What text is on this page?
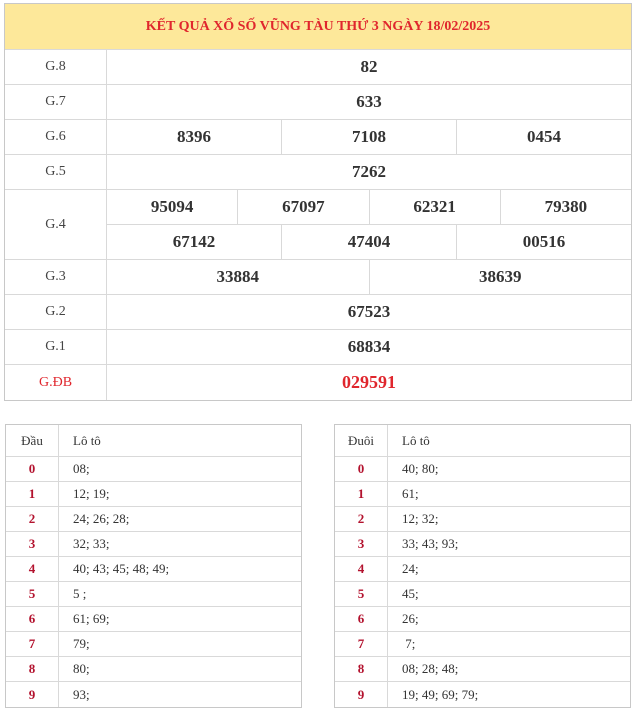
KẾT QUẢ XỔ SỐ VŨNG TÀU THỨ 3 NGÀY 18/02/2025
G.8	82
G.7	633
G.6	8396	7108	0454
G.5	7262
G.4
95094	67097	62321	79380
67142	47404	00516
G.3	33884	38639
G.2	67523
G.1	68834
G.ĐB	029591
Đầu	Lô tô
0	08;
1	12; 19;
2	24; 26; 28;
3	32; 33;
4	40; 43; 45; 48; 49;
5	5 ;
6	61; 69;
7	79;
8	80;
9	93;
Đuôi	Lô tô
0	40; 80;
1	61;
2	12; 32;
3	33; 43; 93;
4	24;
5	45;
6	26;
7	7;
8	08; 28; 48;
9	19; 49; 69; 79;
